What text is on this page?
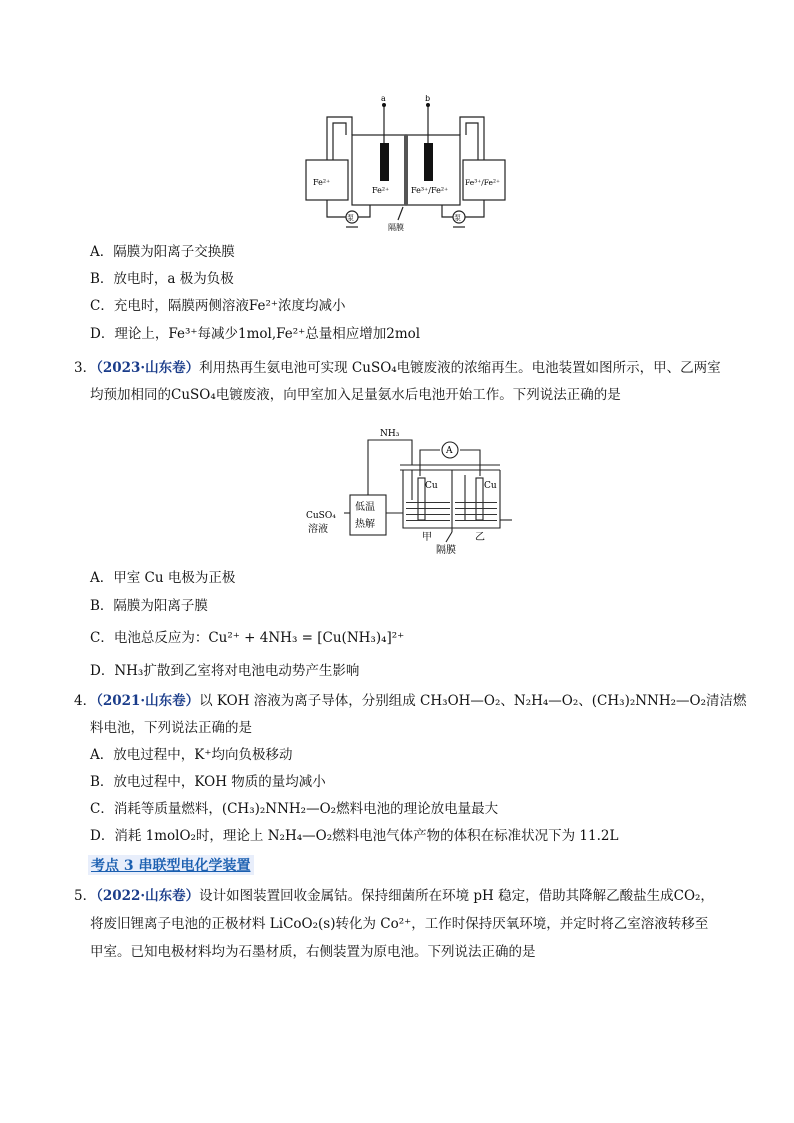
a	b
Fe²⁺
Fe²⁺	Fe³⁺/Fe²⁺
Fe³⁺/Fe²⁺
泵	泵
隔膜
A．隔膜为阳离子交换膜
B．放电时，a 极为负极
C．充电时，隔膜两侧溶液Fe²⁺浓度均减小
D．理论上，Fe³⁺每减少1mol,Fe²⁺总量相应增加2mol
3．（2023·山东卷）利用热再生氨电池可实现 CuSO₄电镀废液的浓缩再生。电池装置如图所示，甲、乙两室
均预加相同的CuSO₄电镀废液，向甲室加入足量氨水后电池开始工作。下列说法正确的是
NH₃
A
Cu	Cu
CuSO₄
溶液
低温
热解
甲	乙
隔膜
A．甲室 Cu 电极为正极
B．隔膜为阳离子膜
C．电池总反应为：Cu²⁺ + 4NH₃ = [Cu(NH₃)₄]²⁺
D．NH₃扩散到乙室将对电池电动势产生影响
4．（2021·山东卷）以 KOH 溶液为离子导体，分别组成 CH₃OH—O₂、N₂H₄—O₂、(CH₃)₂NNH₂—O₂清洁燃
料电池，下列说法正确的是
A．放电过程中，K⁺均向负极移动
B．放电过程中，KOH 物质的量均减小
C．消耗等质量燃料，(CH₃)₂NNH₂—O₂燃料电池的理论放电量最大
D．消耗 1molO₂时，理论上 N₂H₄—O₂燃料电池气体产物的体积在标准状况下为 11.2L
考点 3 串联型电化学装置
5．（2022·山东卷）设计如图装置回收金属钴。保持细菌所在环境 pH 稳定，借助其降解乙酸盐生成CO₂，
将废旧锂离子电池的正极材料 LiCoO₂(s)转化为 Co²⁺，工作时保持厌氧环境，并定时将乙室溶液转移至
甲室。已知电极材料均为石墨材质，右侧装置为原电池。下列说法正确的是
